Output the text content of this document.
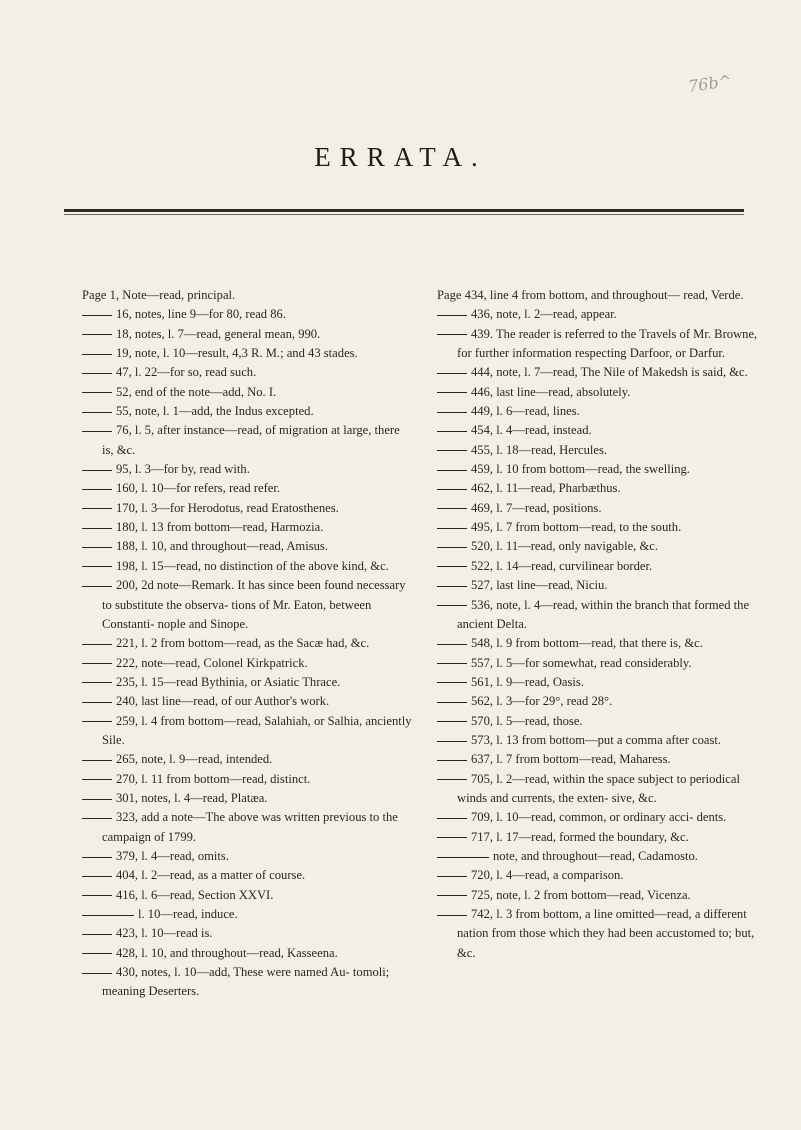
76b^
ERRATA.

Page 1, Note—read, principal.

16, notes, line 9—for 80, read 86.

18, notes, l. 7—read, general mean, 990.

19, note, l. 10—result, 4,3 R. M.; and 43 stades.

47, l. 22—for so, read such.

52, end of the note—add, No. I.

55, note, l. 1—add, the Indus excepted.

76, l. 5, after instance—read, of migration at large, there is, &c.

95, l. 3—for by, read with.

160, l. 10—for refers, read refer.

170, l. 3—for Herodotus, read Eratosthenes.

180, l. 13 from bottom—read, Harmozia.

188, l. 10, and throughout—read, Amisus.

198, l. 15—read, no distinction of the above kind, &c.

200, 2d note—Remark. It has since been found necessary to substitute the observa- tions of Mr. Eaton, between Constanti- nople and Sinope.

221, l. 2 from bottom—read, as the Sacæ had, &c.

222, note—read, Colonel Kirkpatrick.

235, l. 15—read Bythinia, or Asiatic Thrace.

240, last line—read, of our Author's work.

259, l. 4 from bottom—read, Salahiah, or Salhia, anciently Sile.

265, note, l. 9—read, intended.

270, l. 11 from bottom—read, distinct.

301, notes, l. 4—read, Platæa.

323, add a note—The above was written previous to the campaign of 1799.

379, l. 4—read, omits.

404, l. 2—read, as a matter of course.

416, l. 6—read, Section XXVI.

l. 10—read, induce.

423, l. 10—read is.

428, l. 10, and throughout—read, Kasseena.

430, notes, l. 10—add, These were named Au- tomoli; meaning Deserters.

Page 434, line 4 from bottom, and throughout— read, Verde.

436, note, l. 2—read, appear.

439. The reader is referred to the Travels of Mr. Browne, for further information respecting Darfoor, or Darfur.

444, note, l. 7—read, The Nile of Makedsh is said, &c.

446, last line—read, absolutely.

449, l. 6—read, lines.

454, l. 4—read, instead.

455, l. 18—read, Hercules.

459, l. 10 from bottom—read, the swelling.

462, l. 11—read, Pharbæthus.

469, l. 7—read, positions.

495, l. 7 from bottom—read, to the south.

520, l. 11—read, only navigable, &c.

522, l. 14—read, curvilinear border.

527, last line—read, Niciu.

536, note, l. 4—read, within the branch that formed the ancient Delta.

548, l. 9 from bottom—read, that there is, &c.

557, l. 5—for somewhat, read considerably.

561, l. 9—read, Oasis.

562, l. 3—for 29°, read 28°.

570, l. 5—read, those.

573, l. 13 from bottom—put a comma after coast.

637, l. 7 from bottom—read, Maharess.

705, l. 2—read, within the space subject to periodical winds and currents, the exten- sive, &c.

709, l. 10—read, common, or ordinary acci- dents.

717, l. 17—read, formed the boundary, &c.

note, and throughout—read, Cadamosto.

720, l. 4—read, a comparison.

725, note, l. 2 from bottom—read, Vicenza.

742, l. 3 from bottom, a line omitted—read, a different nation from those which they had been accustomed to; but, &c.
